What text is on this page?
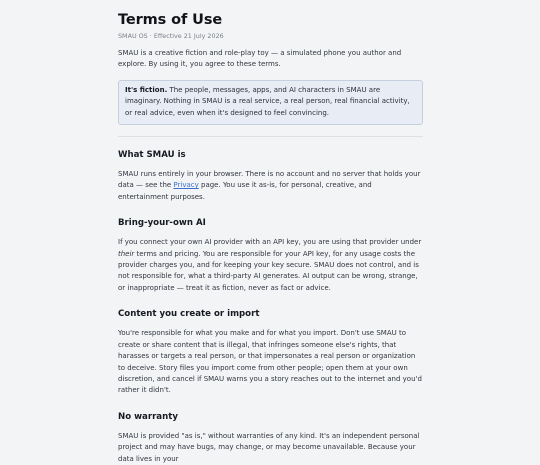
Terms of Use
SMAU OS · Effective 21 July 2026

SMAU is a creative fiction and role-play toy — a simulated phone you author and explore. By using it, you agree to these terms.

It's fiction. The people, messages, apps, and AI characters in SMAU are imaginary. Nothing in SMAU is a real service, a real person, real financial activity, or real advice, even when it's designed to feel convincing.

What SMAU is

SMAU runs entirely in your browser. There is no account and no server that holds your data — see the Privacy page. You use it as-is, for personal, creative, and entertainment purposes.

Bring-your-own AI

If you connect your own AI provider with an API key, you are using that provider under their terms and pricing. You are responsible for your API key, for any usage costs the provider charges you, and for keeping your key secure. SMAU does not control, and is not responsible for, what a third-party AI generates. AI output can be wrong, strange, or inappropriate — treat it as fiction, never as fact or advice.

Content you create or import

You're responsible for what you make and for what you import. Don't use SMAU to create or share content that is illegal, that infringes someone else's rights, that harasses or targets a real person, or that impersonates a real person or organization to deceive. Story files you import come from other people; open them at your own discretion, and cancel if SMAU warns you a story reaches out to the internet and you'd rather it didn't.

No warranty

SMAU is provided "as is," without warranties of any kind. It's an independent personal project and may have bugs, may change, or may become unavailable. Because your data lives in your
